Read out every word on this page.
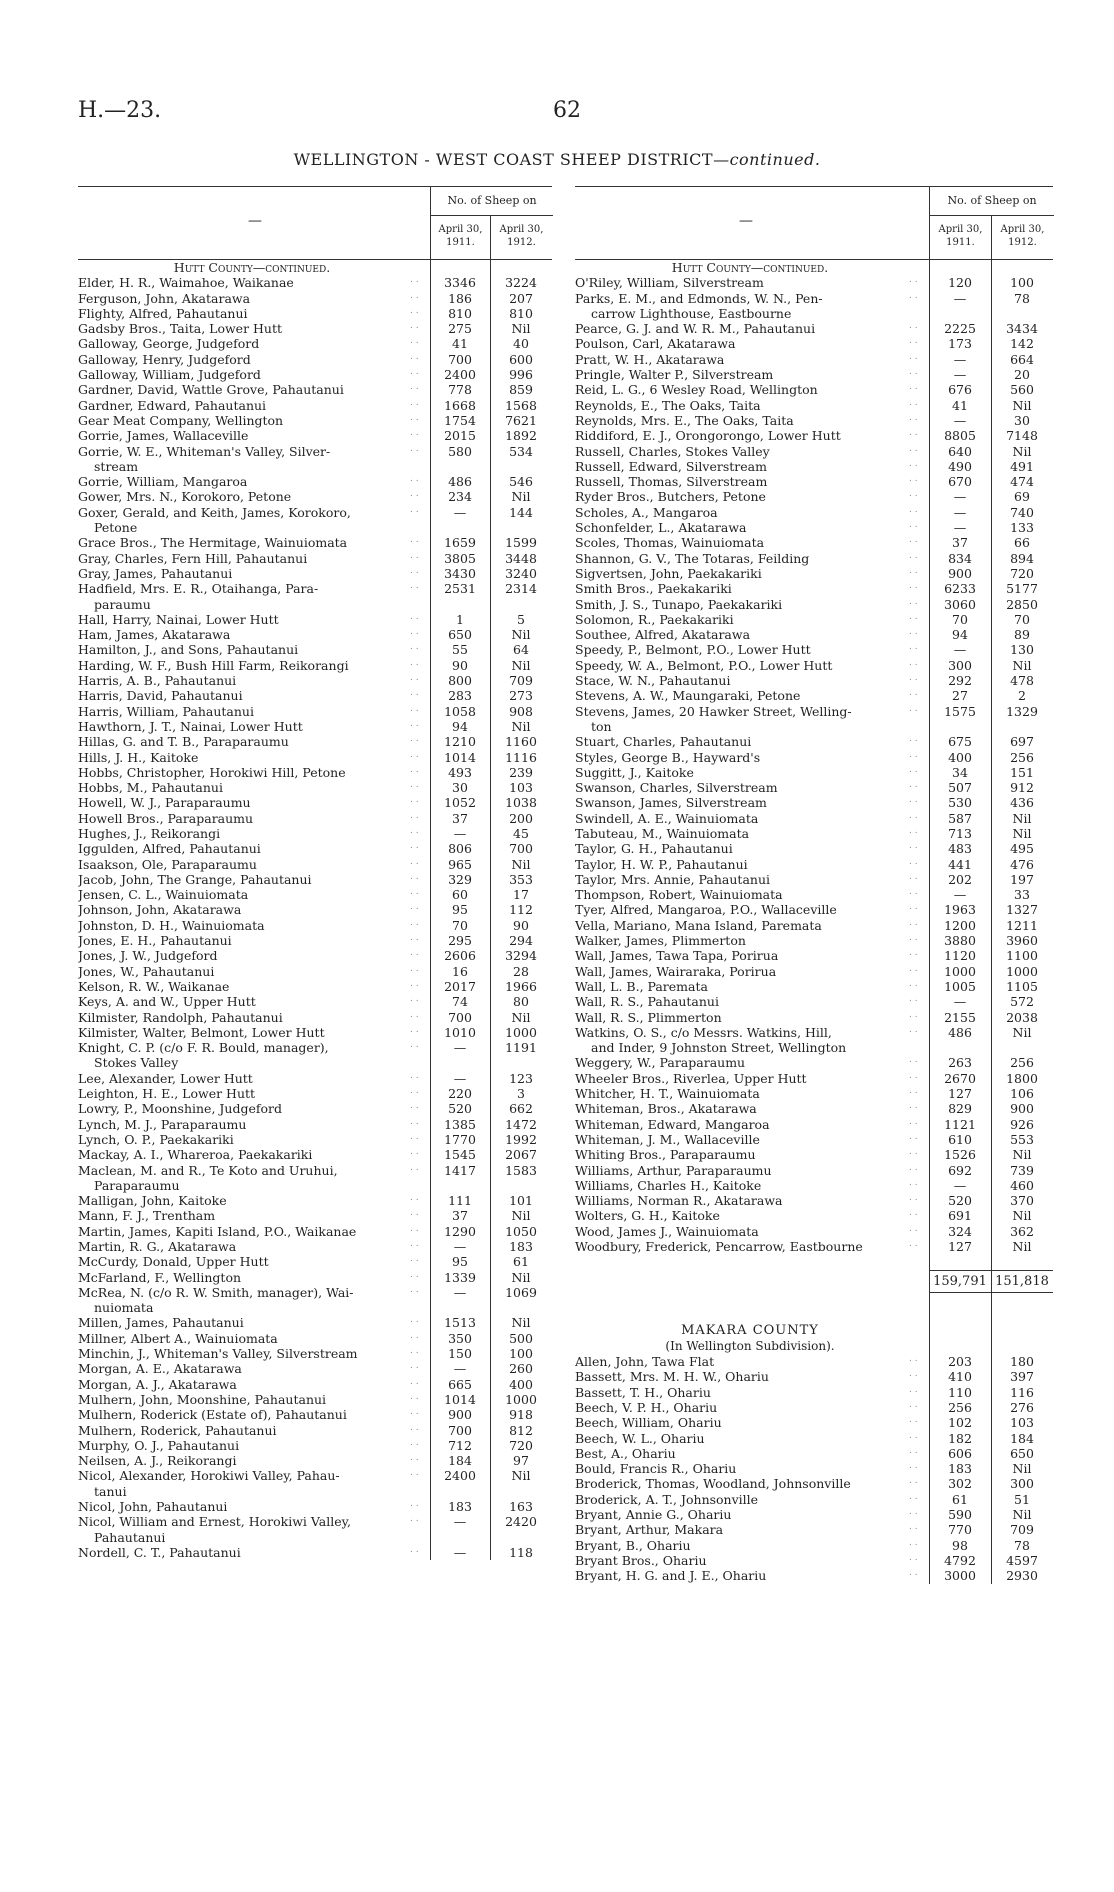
H.—23.	62
WELLINGTON - WEST COAST SHEEP DISTRICT—continued.
—
No. of Sheep on
April 30, 1911.
April 30, 1912.
Hutt County—continued.
Elder, H. R., Waimahoe, Waikanae	. .	3346	3224
Ferguson, John, Akatarawa	. .	186	207
Flighty, Alfred, Pahautanui	. .	810	810
Gadsby Bros., Taita, Lower Hutt	. .	275	Nil
Galloway, George, Judgeford	. .	41	40
Galloway, Henry, Judgeford	. .	700	600
Galloway, William, Judgeford	. .	2400	996
Gardner, David, Wattle Grove, Pahautanui	. .	778	859
Gardner, Edward, Pahautanui	. .	1668	1568
Gear Meat Company, Wellington	. .	1754	7621
Gorrie, James, Wallaceville	. .	2015	1892
Gorrie, W. E., Whiteman's Valley, Silver-	. .	580	534
stream
Gorrie, William, Mangaroa	. .	486	546
Gower, Mrs. N., Korokoro, Petone	. .	234	Nil
Goxer, Gerald, and Keith, James, Korokoro,	. .	—	144
Petone
Grace Bros., The Hermitage, Wainuiomata	. .	1659	1599
Gray, Charles, Fern Hill, Pahautanui	. .	3805	3448
Gray, James, Pahautanui	. .	3430	3240
Hadfield, Mrs. E. R., Otaihanga, Para-	. .	2531	2314
paraumu
Hall, Harry, Nainai, Lower Hutt	. .	1	5
Ham, James, Akatarawa	. .	650	Nil
Hamilton, J., and Sons, Pahautanui	. .	55	64
Harding, W. F., Bush Hill Farm, Reikorangi	. .	90	Nil
Harris, A. B., Pahautanui	. .	800	709
Harris, David, Pahautanui	. .	283	273
Harris, William, Pahautanui	. .	1058	908
Hawthorn, J. T., Nainai, Lower Hutt	. .	94	Nil
Hillas, G. and T. B., Paraparaumu	. .	1210	1160
Hills, J. H., Kaitoke	. .	1014	1116
Hobbs, Christopher, Horokiwi Hill, Petone	. .	493	239
Hobbs, M., Pahautanui	. .	30	103
Howell, W. J., Paraparaumu	. .	1052	1038
Howell Bros., Paraparaumu	. .	37	200
Hughes, J., Reikorangi	. .	—	45
Iggulden, Alfred, Pahautanui	. .	806	700
Isaakson, Ole, Paraparaumu	. .	965	Nil
Jacob, John, The Grange, Pahautanui	. .	329	353
Jensen, C. L., Wainuiomata	. .	60	17
Johnson, John, Akatarawa	. .	95	112
Johnston, D. H., Wainuiomata	. .	70	90
Jones, E. H., Pahautanui	. .	295	294
Jones, J. W., Judgeford	. .	2606	3294
Jones, W., Pahautanui	. .	16	28
Kelson, R. W., Waikanae	. .	2017	1966
Keys, A. and W., Upper Hutt	. .	74	80
Kilmister, Randolph, Pahautanui	. .	700	Nil
Kilmister, Walter, Belmont, Lower Hutt	. .	1010	1000
Knight, C. P. (c/o F. R. Bould, manager),	. .	—	1191
Stokes Valley
Lee, Alexander, Lower Hutt	. .	—	123
Leighton, H. E., Lower Hutt	. .	220	3
Lowry, P., Moonshine, Judgeford	. .	520	662
Lynch, M. J., Paraparaumu	. .	1385	1472
Lynch, O. P., Paekakariki	. .	1770	1992
Mackay, A. I., Whareroa, Paekakariki	. .	1545	2067
Maclean, M. and R., Te Koto and Uruhui,	. .	1417	1583
Paraparaumu
Malligan, John, Kaitoke	. .	111	101
Mann, F. J., Trentham	. .	37	Nil
Martin, James, Kapiti Island, P.O., Waikanae	. .	1290	1050
Martin, R. G., Akatarawa	. .	—	183
McCurdy, Donald, Upper Hutt	. .	95	61
McFarland, F., Wellington	. .	1339	Nil
McRea, N. (c/o R. W. Smith, manager), Wai-	. .	—	1069
nuiomata
Millen, James, Pahautanui	. .	1513	Nil
Millner, Albert A., Wainuiomata	. .	350	500
Minchin, J., Whiteman's Valley, Silverstream	. .	150	100
Morgan, A. E., Akatarawa	. .	—	260
Morgan, A. J., Akatarawa	. .	665	400
Mulhern, John, Moonshine, Pahautanui	. .	1014	1000
Mulhern, Roderick (Estate of), Pahautanui	. .	900	918
Mulhern, Roderick, Pahautanui	. .	700	812
Murphy, O. J., Pahautanui	. .	712	720
Neilsen, A. J., Reikorangi	. .	184	97
Nicol, Alexander, Horokiwi Valley, Pahau-	. .	2400	Nil
tanui
Nicol, John, Pahautanui	. .	183	163
Nicol, William and Ernest, Horokiwi Valley,	. .	—	2420
Pahautanui
Nordell, C. T., Pahautanui	. .	—	118
—
No. of Sheep on
April 30, 1911.
April 30, 1912.
Hutt County—continued.
O'Riley, William, Silverstream	. .	120	100
Parks, E. M., and Edmonds, W. N., Pen-	. .	—	78
carrow Lighthouse, Eastbourne
Pearce, G. J. and W. R. M., Pahautanui	. .	2225	3434
Poulson, Carl, Akatarawa	. .	173	142
Pratt, W. H., Akatarawa	. .	—	664
Pringle, Walter P., Silverstream	. .	—	20
Reid, L. G., 6 Wesley Road, Wellington	. .	676	560
Reynolds, E., The Oaks, Taita	. .	41	Nil
Reynolds, Mrs. E., The Oaks, Taita	. .	—	30
Riddiford, E. J., Orongorongo, Lower Hutt	. .	8805	7148
Russell, Charles, Stokes Valley	. .	640	Nil
Russell, Edward, Silverstream	. .	490	491
Russell, Thomas, Silverstream	. .	670	474
Ryder Bros., Butchers, Petone	. .	—	69
Scholes, A., Mangaroa	. .	—	740
Schonfelder, L., Akatarawa	. .	—	133
Scoles, Thomas, Wainuiomata	. .	37	66
Shannon, G. V., The Totaras, Feilding	. .	834	894
Sigvertsen, John, Paekakariki	. .	900	720
Smith Bros., Paekakariki	. .	6233	5177
Smith, J. S., Tunapo, Paekakariki	. .	3060	2850
Solomon, R., Paekakariki	. .	70	70
Southee, Alfred, Akatarawa	. .	94	89
Speedy, P., Belmont, P.O., Lower Hutt	. .	—	130
Speedy, W. A., Belmont, P.O., Lower Hutt	. .	300	Nil
Stace, W. N., Pahautanui	. .	292	478
Stevens, A. W., Maungaraki, Petone	. .	27	2
Stevens, James, 20 Hawker Street, Welling-	. .	1575	1329
ton
Stuart, Charles, Pahautanui	. .	675	697
Styles, George B., Hayward's	. .	400	256
Suggitt, J., Kaitoke	. .	34	151
Swanson, Charles, Silverstream	. .	507	912
Swanson, James, Silverstream	. .	530	436
Swindell, A. E., Wainuiomata	. .	587	Nil
Tabuteau, M., Wainuiomata	. .	713	Nil
Taylor, G. H., Pahautanui	. .	483	495
Taylor, H. W. P., Pahautanui	. .	441	476
Taylor, Mrs. Annie, Pahautanui	. .	202	197
Thompson, Robert, Wainuiomata	. .	—	33
Tyer, Alfred, Mangaroa, P.O., Wallaceville	. .	1963	1327
Vella, Mariano, Mana Island, Paremata	. .	1200	1211
Walker, James, Plimmerton	. .	3880	3960
Wall, James, Tawa Tapa, Porirua	. .	1120	1100
Wall, James, Wairaraka, Porirua	. .	1000	1000
Wall, L. B., Paremata	. .	1005	1105
Wall, R. S., Pahautanui	. .	—	572
Wall, R. S., Plimmerton	. .	2155	2038
Watkins, O. S., c/o Messrs. Watkins, Hill,	. .	486	Nil
and Inder, 9 Johnston Street, Wellington
Weggery, W., Paraparaumu	. .	263	256
Wheeler Bros., Riverlea, Upper Hutt	. .	2670	1800
Whitcher, H. T., Wainuiomata	. .	127	106
Whiteman, Bros., Akatarawa	. .	829	900
Whiteman, Edward, Mangaroa	. .	1121	926
Whiteman, J. M., Wallaceville	. .	610	553
Whiting Bros., Paraparaumu	. .	1526	Nil
Williams, Arthur, Paraparaumu	. .	692	739
Williams, Charles H., Kaitoke	. .	—	460
Williams, Norman R., Akatarawa	. .	520	370
Wolters, G. H., Kaitoke	. .	691	Nil
Wood, James J., Wainuiomata	. .	324	362
Woodbury, Frederick, Pencarrow, Eastbourne	. .	127	Nil
159,791 151,818
MAKARA COUNTY
(In Wellington Subdivision).
Allen, John, Tawa Flat	. .	203	180
Bassett, Mrs. M. H. W., Ohariu	. .	410	397
Bassett, T. H., Ohariu	. .	110	116
Beech, V. P. H., Ohariu	. .	256	276
Beech, William, Ohariu	. .	102	103
Beech, W. L., Ohariu	. .	182	184
Best, A., Ohariu	. .	606	650
Bould, Francis R., Ohariu	. .	183	Nil
Broderick, Thomas, Woodland, Johnsonville	. .	302	300
Broderick, A. T., Johnsonville	. .	61	51
Bryant, Annie G., Ohariu	. .	590	Nil
Bryant, Arthur, Makara	. .	770	709
Bryant, B., Ohariu	. .	98	78
Bryant Bros., Ohariu	. .	4792	4597
Bryant, H. G. and J. E., Ohariu	. .	3000	2930
